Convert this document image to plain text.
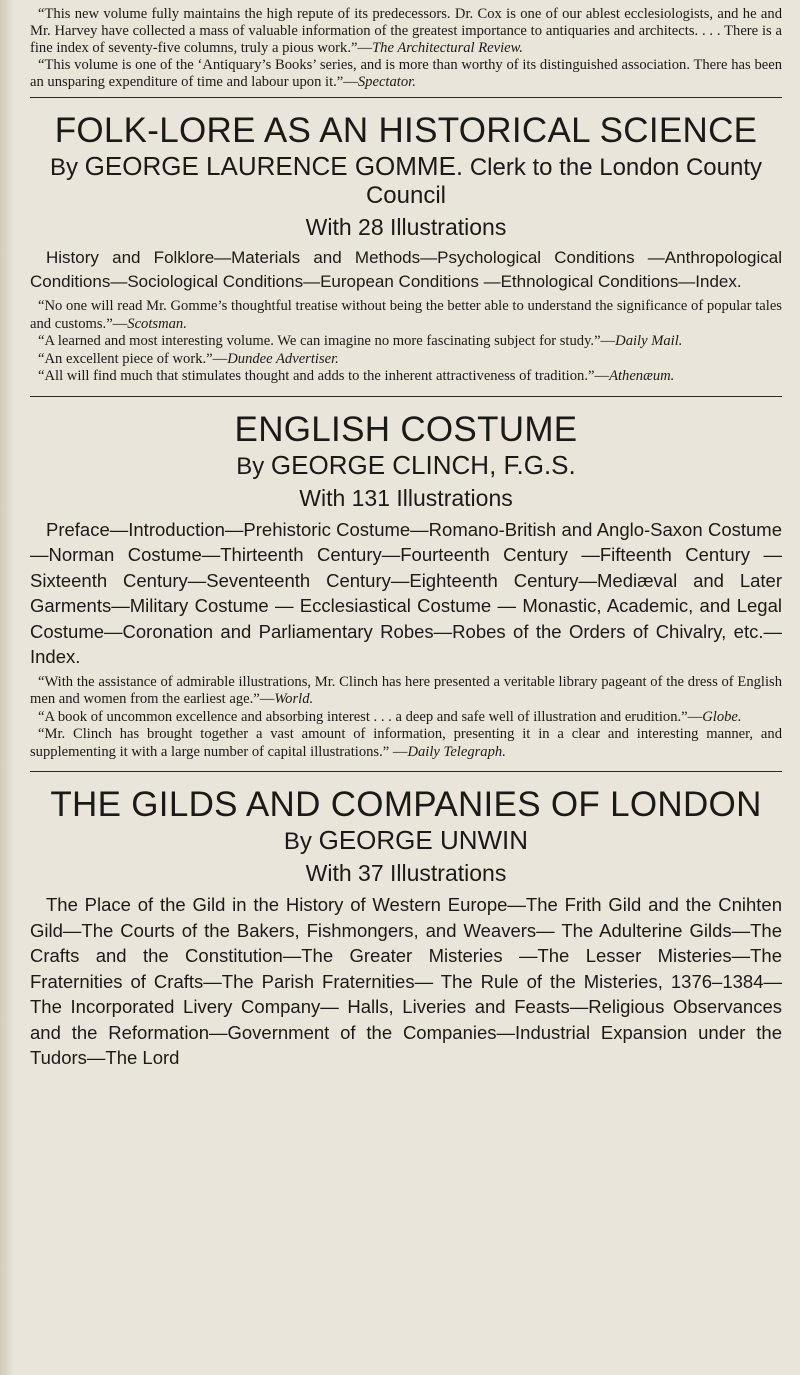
“This new volume fully maintains the high repute of its predecessors. Dr. Cox is one of our ablest ecclesiologists, and he and Mr. Harvey have collected a mass of valuable information of the greatest importance to antiquaries and architects. . . . There is a fine index of seventy-five columns, truly a pious work.”—The Architectural Review.

“This volume is one of the ‘Antiquary’s Books’ series, and is more than worthy of its distinguished association. There has been an unsparing expenditure of time and labour upon it.”—Spectator.

FOLK-LORE AS AN HISTORICAL SCIENCE

By GEORGE LAURENCE GOMME. Clerk to the London County Council

With 28 Illustrations

History and Folklore—Materials and Methods—Psychological Conditions —Anthropological Conditions—Sociological Conditions—European Conditions —Ethnological Conditions—Index.

“No one will read Mr. Gomme’s thoughtful treatise without being the better able to understand the significance of popular tales and customs.”—Scotsman.

“A learned and most interesting volume. We can imagine no more fascinating subject for study.”—Daily Mail.

“An excellent piece of work.”—Dundee Advertiser.

“All will find much that stimulates thought and adds to the inherent attractiveness of tradition.”—Athenæum.

ENGLISH COSTUME

By GEORGE CLINCH, F.G.S.

With 131 Illustrations

Preface—Introduction—Prehistoric Costume—Romano-British and Anglo-Saxon Costume—Norman Costume—Thirteenth Century—Fourteenth Century —Fifteenth Century — Sixteenth Century—Seventeenth Century—Eighteenth Century—Mediæval and Later Garments—Military Costume — Ecclesiastical Costume — Monastic, Academic, and Legal Costume—Coronation and Parliamentary Robes—Robes of the Orders of Chivalry, etc.—Index.

“With the assistance of admirable illustrations, Mr. Clinch has here presented a veritable library pageant of the dress of English men and women from the earliest age.”—World.

“A book of uncommon excellence and absorbing interest . . . a deep and safe well of illustration and erudition.”—Globe.

“Mr. Clinch has brought together a vast amount of information, presenting it in a clear and interesting manner, and supplementing it with a large number of capital illustrations.” —Daily Telegraph.

THE GILDS AND COMPANIES OF LONDON

By GEORGE UNWIN

With 37 Illustrations

The Place of the Gild in the History of Western Europe—The Frith Gild and the Cnihten Gild—The Courts of the Bakers, Fishmongers, and Weavers— The Adulterine Gilds—The Crafts and the Constitution—The Greater Misteries —The Lesser Misteries—The Fraternities of Crafts—The Parish Fraternities— The Rule of the Misteries, 1376–1384—The Incorporated Livery Company— Halls, Liveries and Feasts—Religious Observances and the Reformation—Government of the Companies—Industrial Expansion under the Tudors—The Lord
